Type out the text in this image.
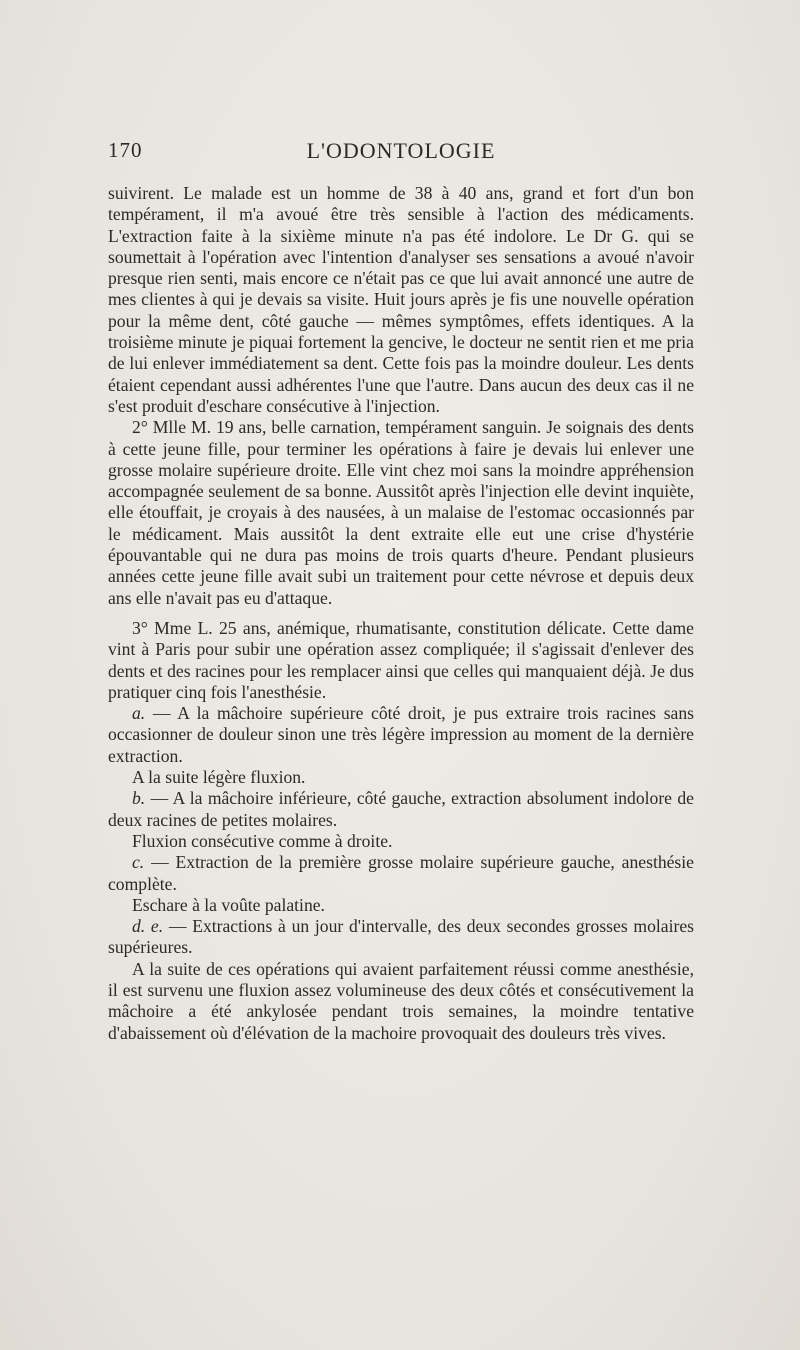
170	L'ODONTOLOGIE

suivirent. Le malade est un homme de 38 à 40 ans, grand et fort d'un bon tempérament, il m'a avoué être très sensible à l'action des médicaments. L'extraction faite à la sixième minute n'a pas été indolore. Le Dr G. qui se soumettait à l'opération avec l'intention d'analyser ses sensations a avoué n'avoir presque rien senti, mais encore ce n'était pas ce que lui avait annoncé une autre de mes clientes à qui je devais sa visite. Huit jours après je fis une nouvelle opération pour la même dent, côté gauche — mêmes symptômes, effets identiques. A la troisième minute je piquai fortement la gencive, le docteur ne sentit rien et me pria de lui enlever immédiatement sa dent. Cette fois pas la moindre douleur. Les dents étaient cependant aussi adhérentes l'une que l'autre. Dans aucun des deux cas il ne s'est produit d'eschare consécutive à l'injection.

2° Mlle M. 19 ans, belle carnation, tempérament sanguin. Je soignais des dents à cette jeune fille, pour terminer les opérations à faire je devais lui enlever une grosse molaire supérieure droite. Elle vint chez moi sans la moindre appréhension accompagnée seulement de sa bonne. Aussitôt après l'injection elle devint inquiète, elle étouffait, je croyais à des nausées, à un malaise de l'estomac occasionnés par le médicament. Mais aussitôt la dent extraite elle eut une crise d'hystérie épouvantable qui ne dura pas moins de trois quarts d'heure. Pendant plusieurs années cette jeune fille avait subi un traitement pour cette névrose et depuis deux ans elle n'avait pas eu d'attaque.

3° Mme L. 25 ans, anémique, rhumatisante, constitution délicate. Cette dame vint à Paris pour subir une opération assez compliquée; il s'agissait d'enlever des dents et des racines pour les remplacer ainsi que celles qui manquaient déjà. Je dus pratiquer cinq fois l'anesthésie.

a. — A la mâchoire supérieure côté droit, je pus extraire trois racines sans occasionner de douleur sinon une très légère impression au moment de la dernière extraction.

A la suite légère fluxion.

b. — A la mâchoire inférieure, côté gauche, extraction absolument indolore de deux racines de petites molaires.

Fluxion consécutive comme à droite.

c. — Extraction de la première grosse molaire supérieure gauche, anesthésie complète.

Eschare à la voûte palatine.

d. e. — Extractions à un jour d'intervalle, des deux secondes grosses molaires supérieures.

A la suite de ces opérations qui avaient parfaitement réussi comme anesthésie, il est survenu une fluxion assez volumineuse des deux côtés et consécutivement la mâchoire a été ankylosée pendant trois semaines, la moindre tentative d'abaissement où d'élévation de la machoire provoquait des douleurs très vives.
